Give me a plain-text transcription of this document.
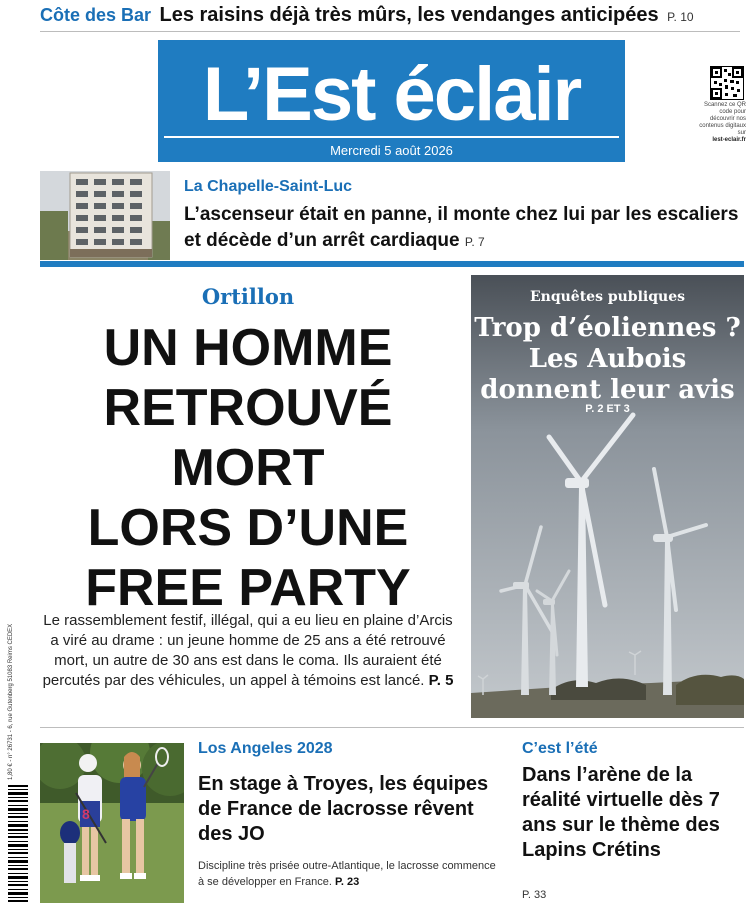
Côte des Bar Les raisins déjà très mûrs, les vendanges anticipées P. 10
L’Est éclair
Mercredi 5 août 2026
Scannez ce QR code pour découvrir nos contenus digitaux sur
lest-eclair.fr
La Chapelle-Saint-Luc
L’ascenseur était en panne, il monte chez lui par les escaliers et décède d’un arrêt cardiaque P. 7
Ortillon
UN HOMME
RETROUVÉ
MORT
LORS D’UNE
FREE PARTY
Le rassemblement festif, illégal, qui a eu lieu en plaine d’Arcis a viré au drame : un jeune homme de 25 ans a été retrouvé mort, un autre de 30 ans est dans le coma. Ils auraient été percutés par des véhicules, un appel à témoins est lancé. P. 5
1,80 € - n° 26731 - 6, rue Gutenberg 51083 Reims CEDEX
Enquêtes publiques
Trop d’éoliennes ? Les Aubois donnent leur avis
P. 2 ET 3
8
Los Angeles 2028
En stage à Troyes, les équipes de France de lacrosse rêvent des JO
Discipline très prisée outre-Atlantique, le lacrosse commence à se développer en France. P. 23
C’est l’été
Dans l’arène de la réalité virtuelle dès 7 ans sur le thème des Lapins Crétins
P. 33
